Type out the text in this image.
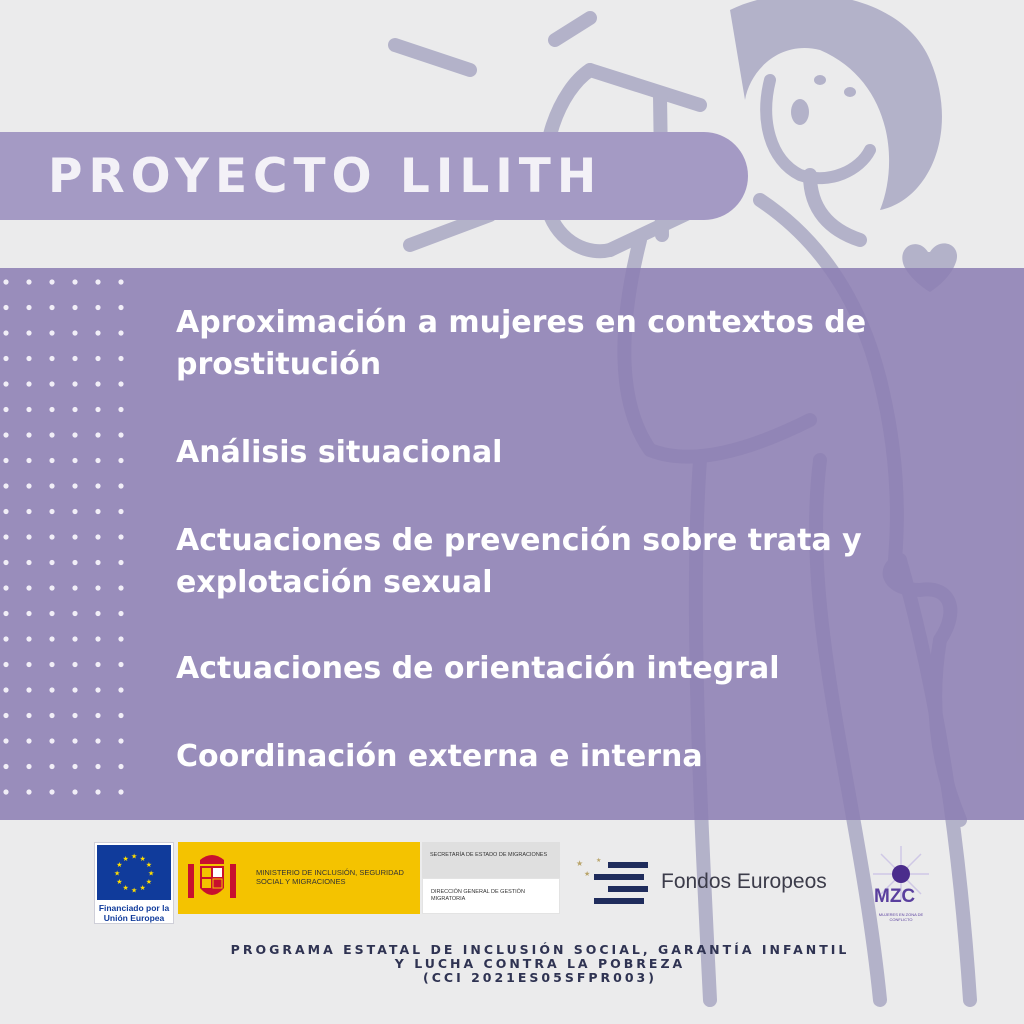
PROYECTO LILITH
Aproximación a mujeres en contextos de prostitución
Análisis situacional
Actuaciones de prevención sobre trata y explotación sexual
Actuaciones de orientación integral
Coordinación externa e interna
★
★
★
★
★
★
★
★
★ ★ ★
★
Financiado por la Unión Europea
MINISTERIO DE INCLUSIÓN, SEGURIDAD SOCIAL Y MIGRACIONES
SECRETARÍA DE ESTADO DE MIGRACIONES
DIRECCIÓN GENERAL DE GESTIÓN MIGRATORIA
★
★
★
Fondos Europeos
MZC
MUJERES EN ZONA DE CONFLICTO
PROGRAMA ESTATAL DE INCLUSIÓN SOCIAL, GARANTÍA INFANTIL
Y LUCHA CONTRA LA POBREZA
(CCI 2021ES05SFPR003)
